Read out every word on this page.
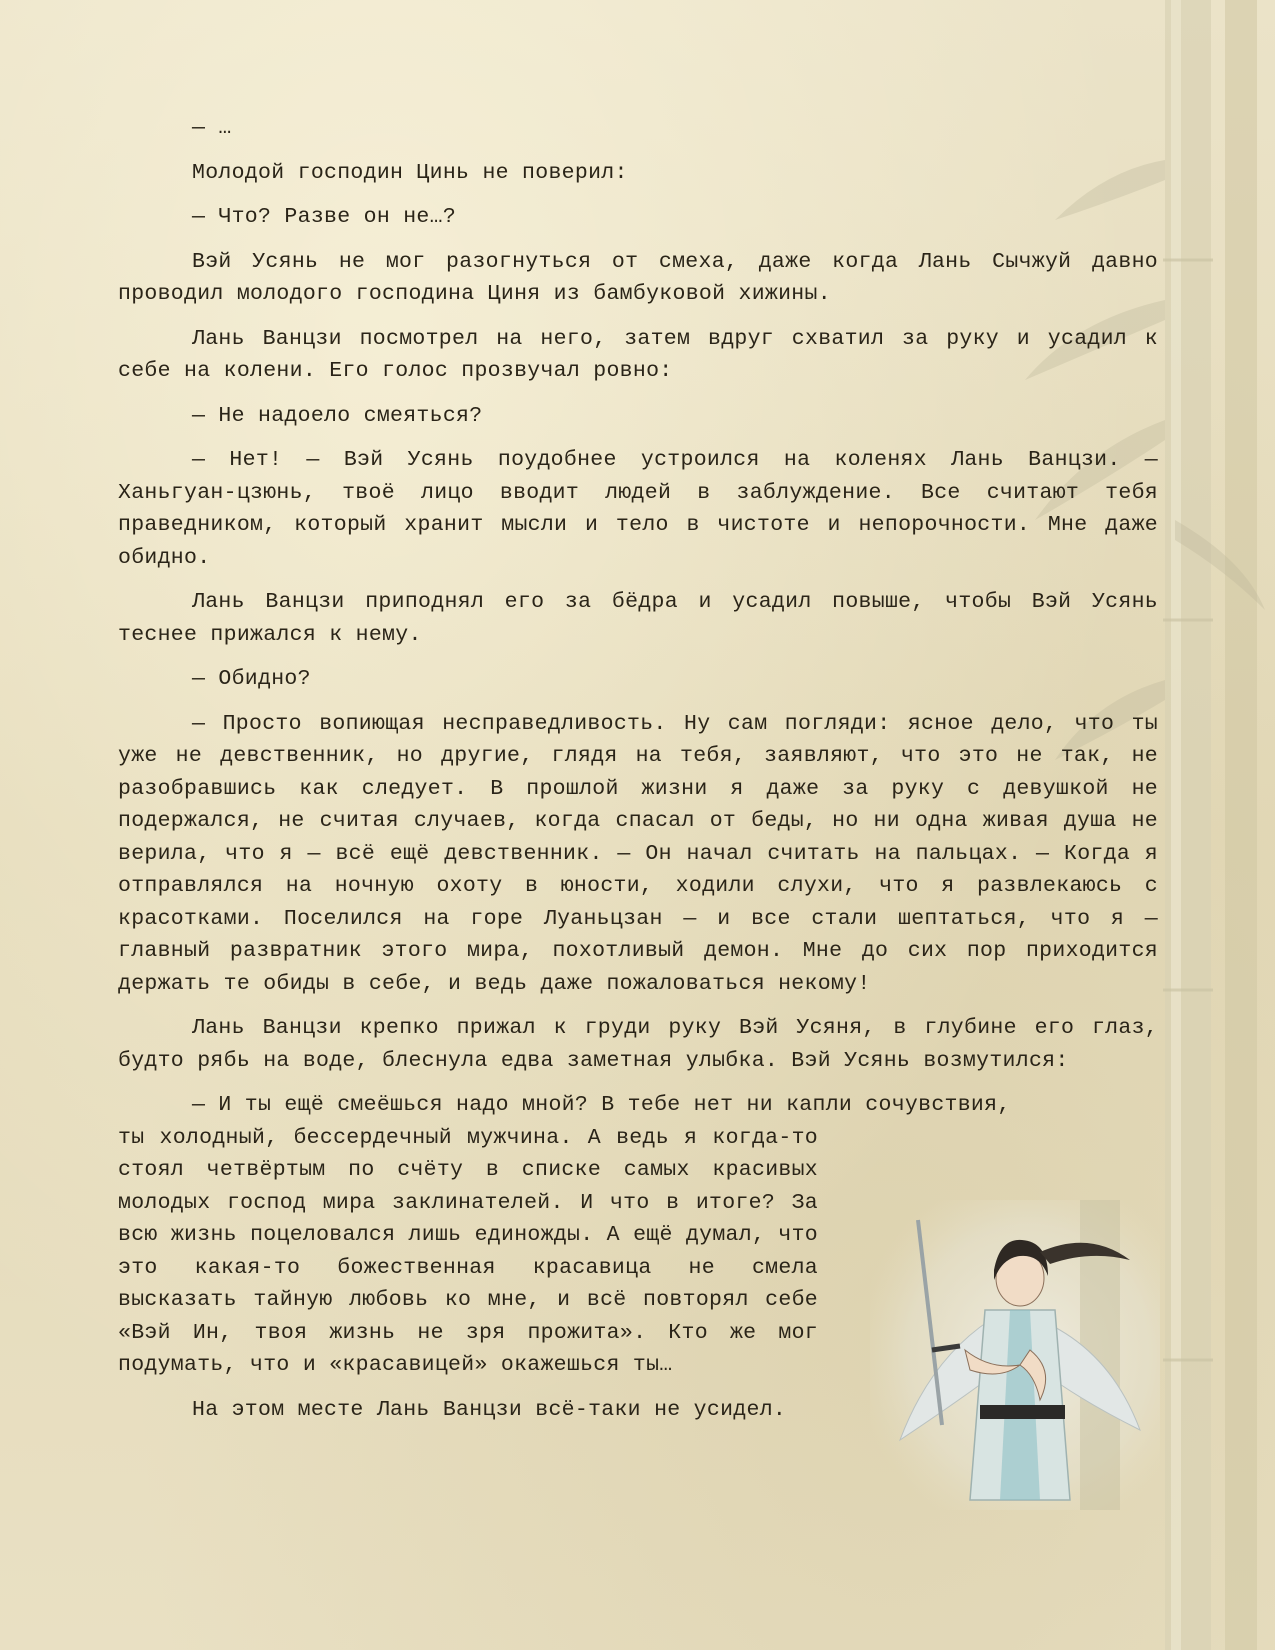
— …

Молодой господин Цинь не поверил:

— Что? Разве он не…?

Вэй Усянь не мог разогнуться от смеха, даже когда Лань Сычжуй давно проводил молодого господина Циня из бамбуковой хижины.

Лань Ванцзи посмотрел на него, затем вдруг схватил за руку и усадил к себе на колени. Его голос прозвучал ровно:

— Не надоело смеяться?

— Нет! — Вэй Усянь поудобнее устроился на коленях Лань Ванцзи. — Ханьгуан-цзюнь, твоё лицо вводит людей в заблуждение. Все считают тебя праведником, который хранит мысли и тело в чистоте и непорочности. Мне даже обидно.

Лань Ванцзи приподнял его за бёдра и усадил повыше, чтобы Вэй Усянь теснее прижался к нему.

— Обидно?

— Просто вопиющая несправедливость. Ну сам погляди: ясное дело, что ты уже не девственник, но другие, глядя на тебя, заявляют, что это не так, не разобравшись как следует. В прошлой жизни я даже за руку с девушкой не подержался, не считая случаев, когда спасал от беды, но ни одна живая душа не верила, что я — всё ещё девственник. — Он начал считать на пальцах. — Когда я отправлялся на ночную охоту в юности, ходили слухи, что я развлекаюсь с красотками. Поселился на горе Луаньцзан — и все стали шептаться, что я — главный развратник этого мира, похотливый демон. Мне до сих пор приходится держать те обиды в себе, и ведь даже пожаловаться некому!

Лань Ванцзи крепко прижал к груди руку Вэй Усяня, в глубине его глаз, будто рябь на воде, блеснула едва заметная улыбка. Вэй Усянь возмутился:

— И ты ещё смеёшься надо мной? В тебе нет ни капли сочувствия,

ты холодный, бессердечный мужчина. А ведь я когда-то стоял четвёртым по счёту в списке самых красивых молодых господ мира заклинателей. И что в итоге? За всю жизнь поцеловался лишь единожды. А ещё думал, что это какая-то божественная красавица не смела высказать тайную любовь ко мне, и всё повторял себе «Вэй Ин, твоя жизнь не зря прожита». Кто же мог подумать, что и «красавицей» окажешься ты…

На этом месте Лань Ванцзи всё-таки не усидел.
